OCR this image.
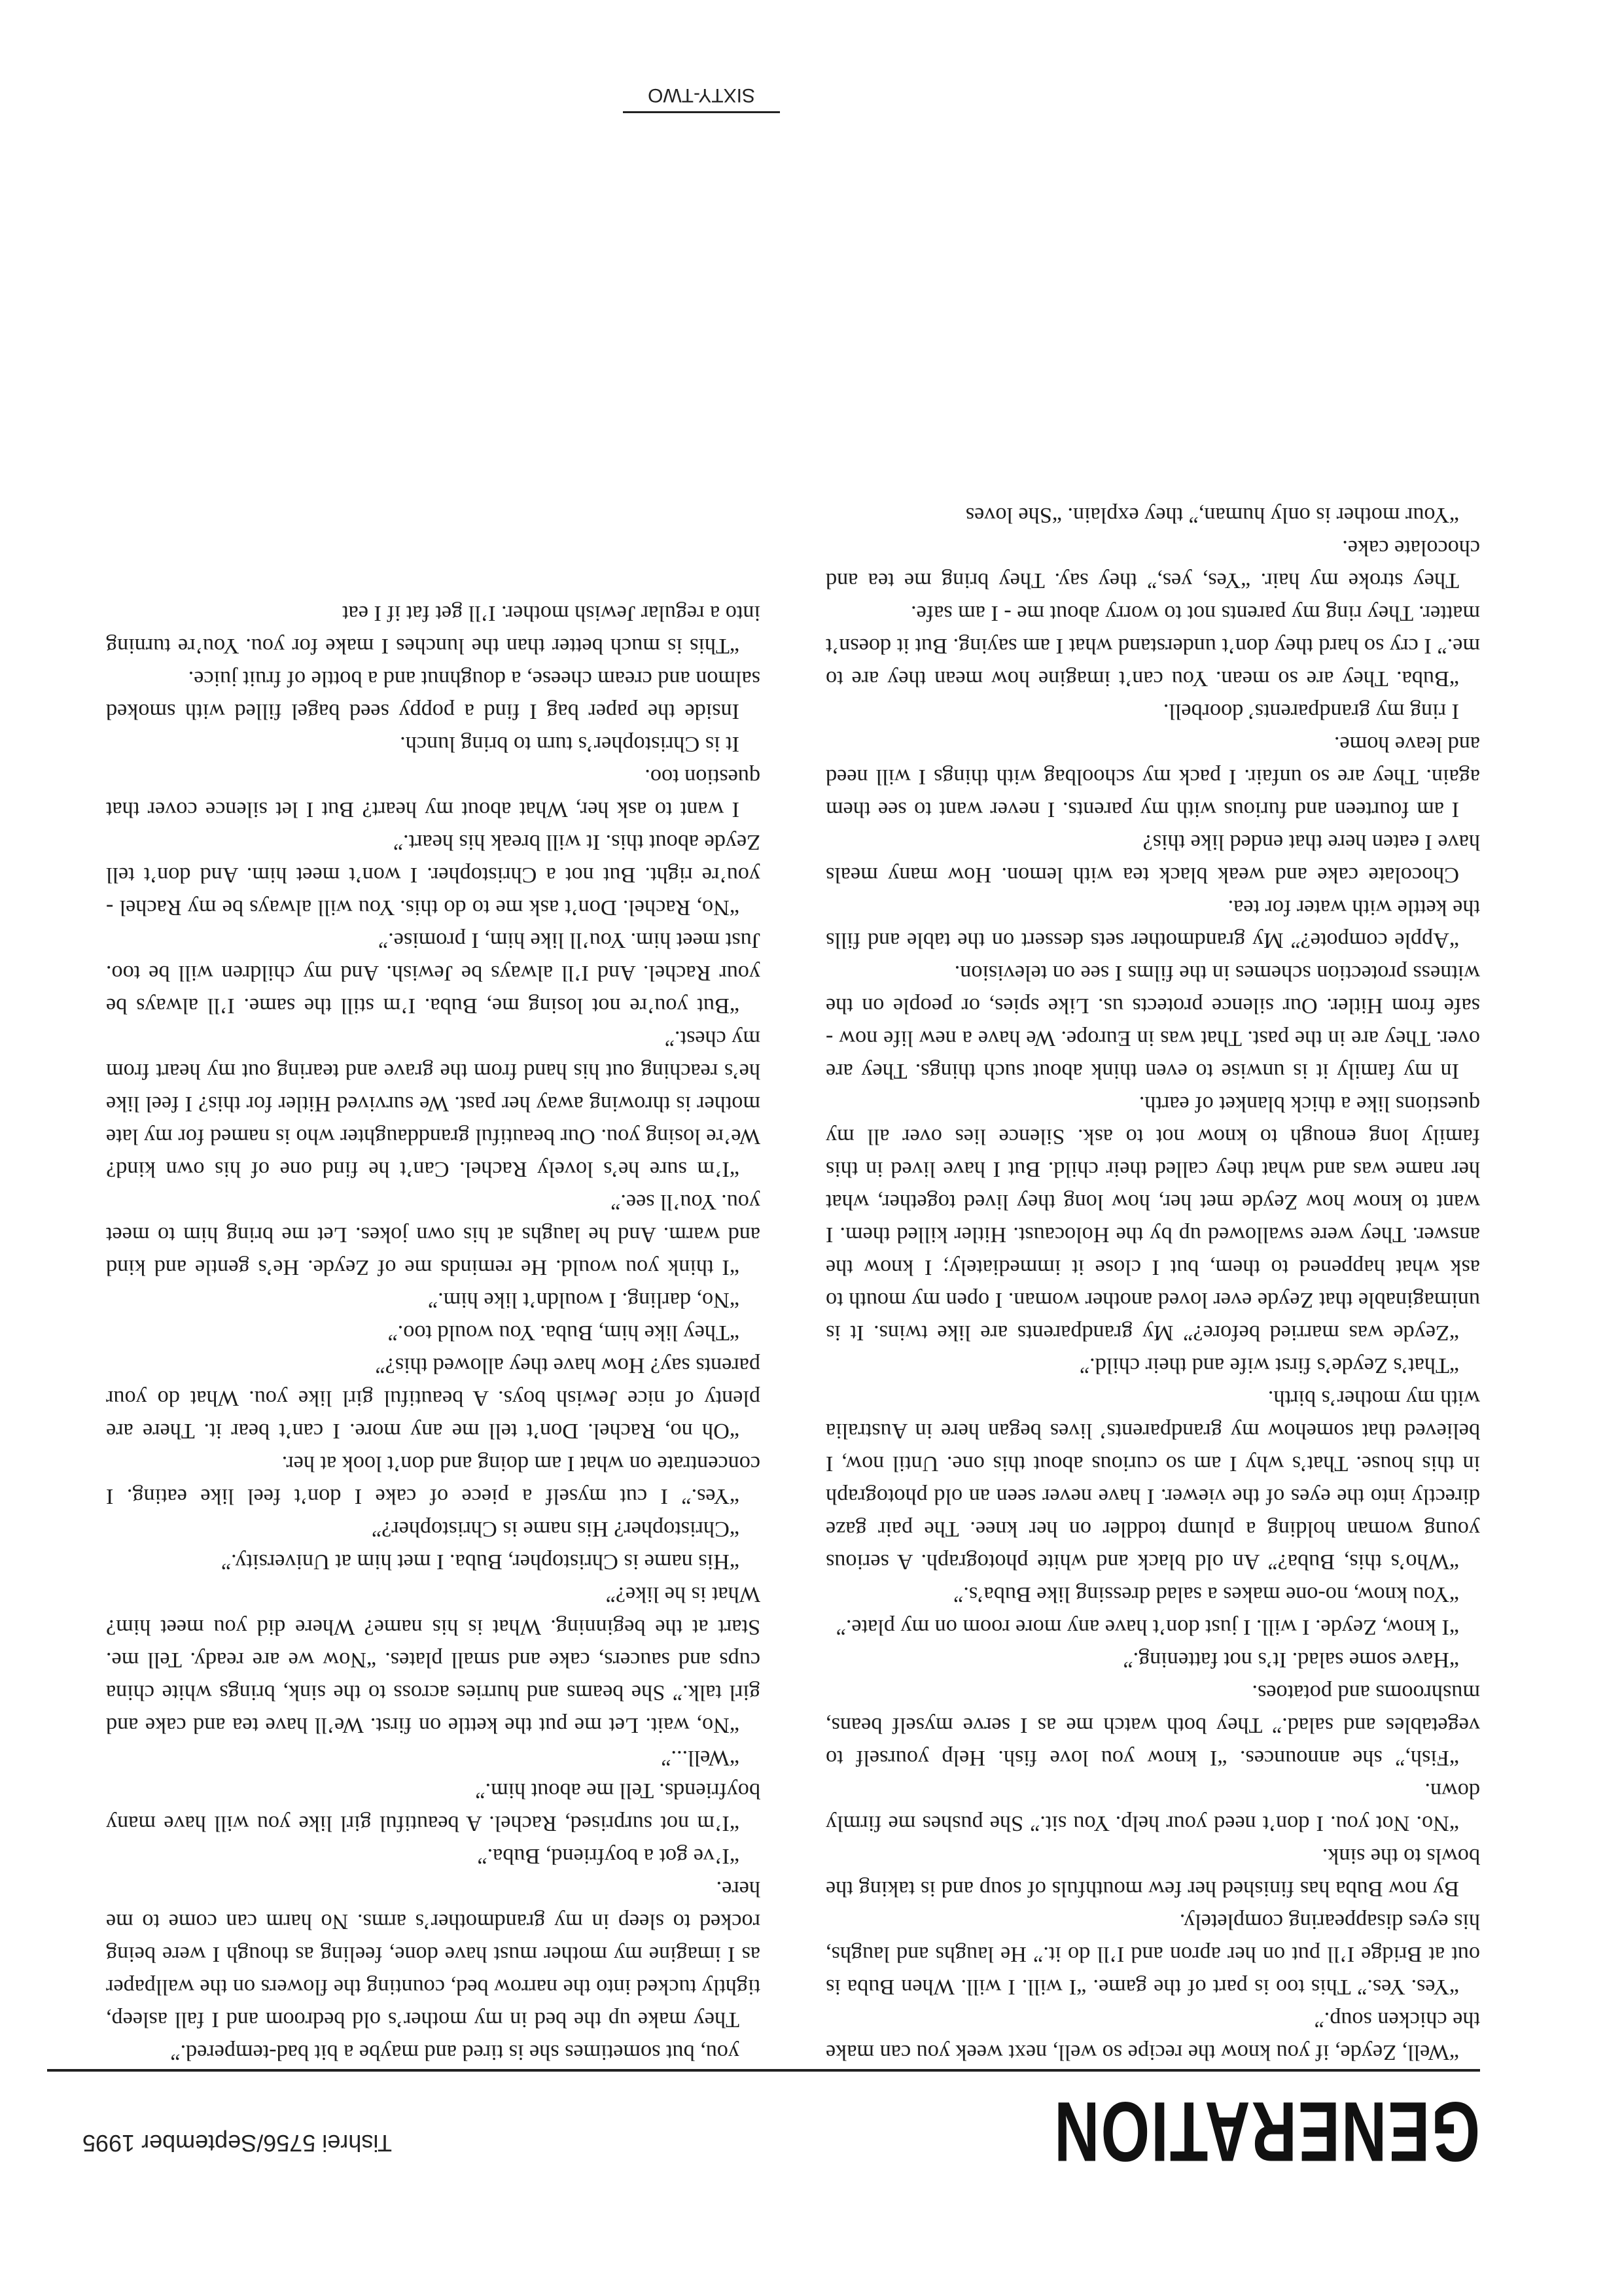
GENERATION
Tishrei 5756/September 1995

“Well, Zeyde, if you know the recipe so well, next week you can make the chicken soup.”

“Yes. Yes.” This too is part of the game. “I will. I will. When Buba is out at Bridge I’ll put on her apron and I’ll do it.” He laughs and laughs, his eyes disappearing completely.

By now Buba has finished her few mouthfuls of soup and is taking the bowls to the sink.

“No. Not you. I don’t need your help. You sit.” She pushes me firmly down.

“Fish,” she announces. “I know you love fish. Help yourself to vegetables and salad.” They both watch me as I serve myself beans, mushrooms and potatoes.

“Have some salad. It’s not fattening.”

“I know, Zeyde. I will. I just don’t have any more room on my plate.”

“You know, no-one makes a salad dressing like Buba’s.”

“Who’s this, Buba?” An old black and white photograph. A serious young woman holding a plump toddler on her knee. The pair gaze directly into the eyes of the viewer. I have never seen an old photograph in this house. That’s why I am so curious about this one. Until now, I believed that somehow my grandparents’ lives began here in Australia with my mother’s birth.

“That’s Zeyde’s first wife and their child.”

“Zeyde was married before?” My grandparents are like twins. It is unimaginable that Zeyde ever loved another woman. I open my mouth to ask what happened to them, but I close it immediately; I know the answer. They were swallowed up by the Holocaust. Hitler killed them. I want to know how Zeyde met her, how long they lived together, what her name was and what they called their child. But I have lived in this family long enough to know not to ask. Silence lies over all my questions like a thick blanket of earth.

In my family it is unwise to even think about such things. They are over. They are in the past. That was in Europe. We have a new life now - safe from Hitler. Our silence protects us. Like spies, or people on the witness protection schemes in the films I see on television.

“Apple compote?” My grandmother sets dessert on the table and fills the kettle with water for tea.

Chocolate cake and weak black tea with lemon. How many meals have I eaten here that ended like this?

I am fourteen and furious with my parents. I never want to see them again. They are so unfair. I pack my schoolbag with things I will need and leave home.

I ring my grandparents’ doorbell.

“Buba. They are so mean. You can’t imagine how mean they are to me.” I cry so hard they don’t understand what I am saying. But it doesn’t matter. They ring my parents not to worry about me - I am safe.

They stroke my hair. “Yes, yes,” they say. They bring me tea and chocolate cake.

“Your mother is only human,” they explain. “She loves

you, but sometimes she is tired and maybe a bit bad-tempered.”

They make up the bed in my mother’s old bedroom and I fall asleep, tightly tucked into the narrow bed, counting the flowers on the wallpaper as I imagine my mother must have done, feeling as though I were being rocked to sleep in my grandmother’s arms. No harm can come to me here.

“I’ve got a boyfriend, Buba.”

“I’m not surprised, Rachel. A beautiful girl like you will have many boyfriends. Tell me about him.”

“Well...”

“No, wait. Let me put the kettle on first. We’ll have tea and cake and girl talk.” She beams and hurries across to the sink, brings white china cups and saucers, cake and small plates. “Now we are ready. Tell me. Start at the beginning. What is his name? Where did you meet him? What is he like?”

“His name is Christopher, Buba. I met him at University.”

“Christopher? His name is Christopher?”

“Yes.” I cut myself a piece of cake I don’t feel like eating. I concentrate on what I am doing and don’t look at her.

“Oh no, Rachel. Don’t tell me any more. I can’t bear it. There are plenty of nice Jewish boys. A beautiful girl like you. What do your parents say? How have they allowed this?”

“They like him, Buba. You would too.”

“No, darling. I wouldn’t like him.”

“I think you would. He reminds me of Zeyde. He’s gentle and kind and warm. And he laughs at his own jokes. Let me bring him to meet you. You’ll see.”

“I’m sure he’s lovely Rachel. Can’t he find one of his own kind? We’re losing you. Our beautiful granddaughter who is named for my late mother is throwing away her past. We survived Hitler for this? I feel like he’s reaching out his hand from the grave and tearing out my heart from my chest.”

“But you’re not losing me, Buba. I’m still the same. I’ll always be your Rachel. And I’ll always be Jewish. And my children will be too. Just meet him. You’ll like him, I promise.”

“No, Rachel. Don’t ask me to do this. You will always be my Rachel - you’re right. But not a Christopher. I won’t meet him. And don’t tell Zeyde about this. It will break his heart.”

I want to ask her, What about my heart? But I let silence cover that question too.

It is Christopher’s turn to bring lunch.

Inside the paper bag I find a poppy seed bagel filled with smoked salmon and cream cheese, a doughnut and a bottle of fruit juice.

“This is much better than the lunches I make for you. You’re turning into a regular Jewish mother. I’ll get fat if I eat

SIXTY-TWO
